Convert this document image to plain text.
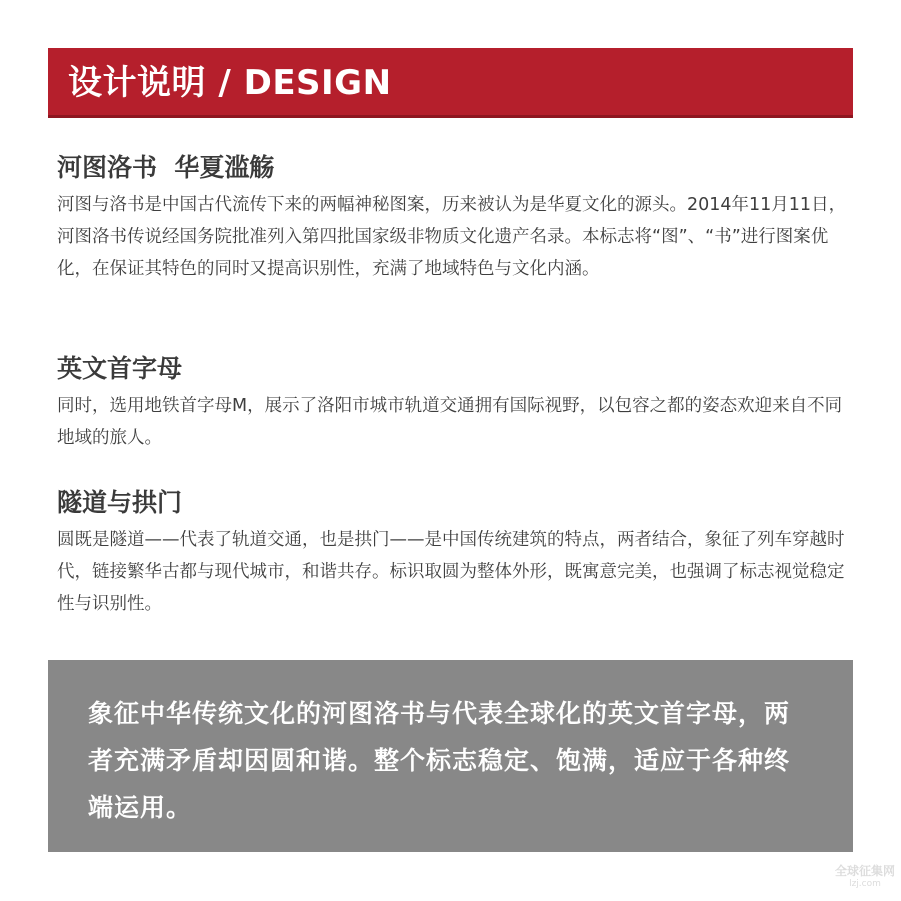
设计说明 / DESIGN
河图洛书  华夏滥觞

河图与洛书是中国古代流传下来的两幅神秘图案，历来被认为是华夏文化的源头。2014年11月11日，河图洛书传说经国务院批准列入第四批国家级非物质文化遗产名录。本标志将“图”、“书”进行图案优化，在保证其特色的同时又提高识别性，充满了地域特色与文化内涵。

英文首字母

同时，选用地铁首字母M，展示了洛阳市城市轨道交通拥有国际视野，以包容之都的姿态欢迎来自不同地域的旅人。

隧道与拱门

圆既是隧道——代表了轨道交通，也是拱门——是中国传统建筑的特点，两者结合，象征了列车穿越时代，链接繁华古都与现代城市，和谐共存。标识取圆为整体外形，既寓意完美，也强调了标志视觉稳定性与识别性。

象征中华传统文化的河图洛书与代表全球化的英文首字母，两者充满矛盾却因圆和谐。整个标志稳定、饱满，适应于各种终端运用。

全球征集网
lzj.com
